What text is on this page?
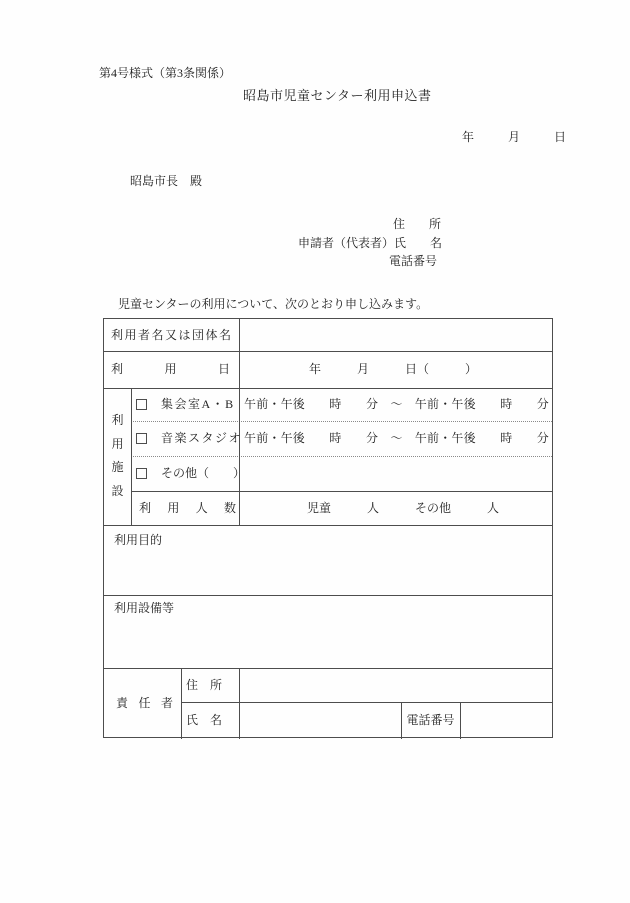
第4号様式（第3条関係）
昭島市児童センター利用申込書
年　月　日
昭島市長　殿
住　　所
申請者（代表者）氏　　名
電話番号
児童センターの利用について、次のとおり申し込みます。
利用者名又は団体名
利	用	日	年　　　月　　　日（　　　）
利
用
施
設
集会室A・B 午前・午後　　時　　分　～　午前・午後　　時　　分
音楽スタジオ 午前・午後　　時　　分　～　午前・午後　　時　　分
その他（　　）
利 用 人 数	児童　　　人　　　その他　　　人
利用目的
利用設備等
責 任 者
住　所
氏　名	電話番号
